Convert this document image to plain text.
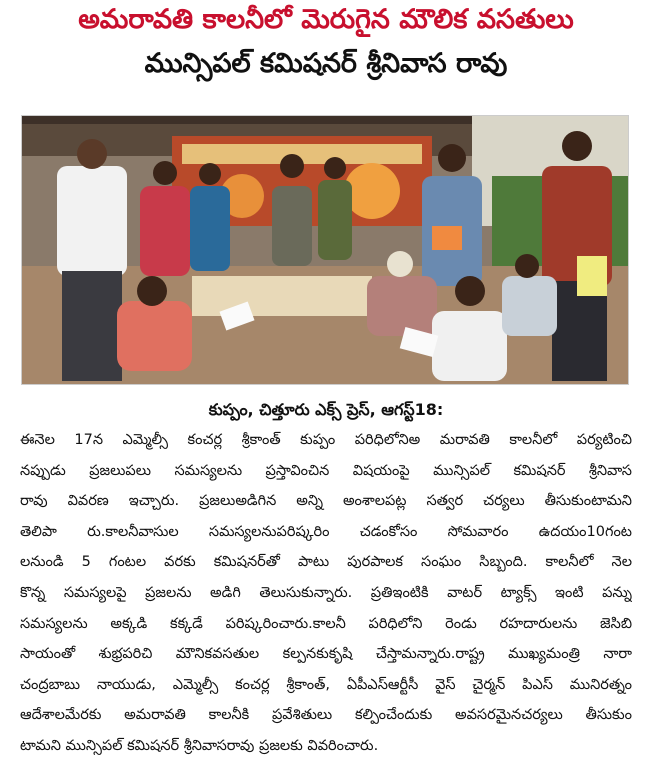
అమరావతి కాలనీలో మెరుగైన మౌలిక వసతులు
మున్సిపల్ కమిషనర్ శ్రీనివాస రావు
కుప్పం, చిత్తూరు ఎక్స్ ప్రెస్, ఆగస్ట్18:
ఈనెల 17న ఎమ్మెల్సీ కంచర్ల శ్రీకాంత్ కుప్పం పరిధిలోనిఅ మరావతి కాలనీలో పర్యటించి
నప్పుడు ప్రజలుపలు సమస్యలను ప్రస్తావించిన విషయంపై మున్సిపల్ కమిషనర్ శ్రీనివాస
రావు వివరణ ఇచ్చారు. ప్రజలుఅడిగిన అన్ని అంశాలపట్ల సత్వర చర్యలు తీసుకుంటామని
తెలిపా రు.కాలనీవాసుల సమస్యలనుపరిష్కరిం చడంకోసం సోమవారం ఉదయం10గంట
లనుండి 5 గంటల వరకు కమిషనర్‌తో పాటు పురపాలక సంఘం సిబ్బంది. కాలనీలో నెల
కొన్న సమస్యలపై ప్రజలను అడిగి తెలుసుకున్నారు. ప్రతిఇంటికి వాటర్ ట్యాక్స్ ఇంటి పన్ను
సమస్యలను అక్కడి కక్కడే పరిష్కరించారు.కాలనీ పరిధిలోని రెండు రహదారులను జెసిబి
సాయంతో శుభ్రపరిచి మౌనికవసతుల కల్పనకుకృషి చేస్తామన్నారు.రాష్ట్ర ముఖ్యమంత్రి నారా
చంద్రబాబు నాయుడు, ఎమ్మెల్సీ కంచర్ల శ్రీకాంత్, ఏపీఎస్ఆర్టీసీ వైస్ చైర్మన్ పిఎస్ మునిరత్నం
ఆదేశాలమేరకు అమరావతి కాలనీకి ప్రవేశితులు కల్పించేందుకు అవసరమైనచర్యలు తీసుకుం
టామని మున్సిపల్ కమిషనర్ శ్రీనివాసరావు ప్రజలకు వివరించారు.
